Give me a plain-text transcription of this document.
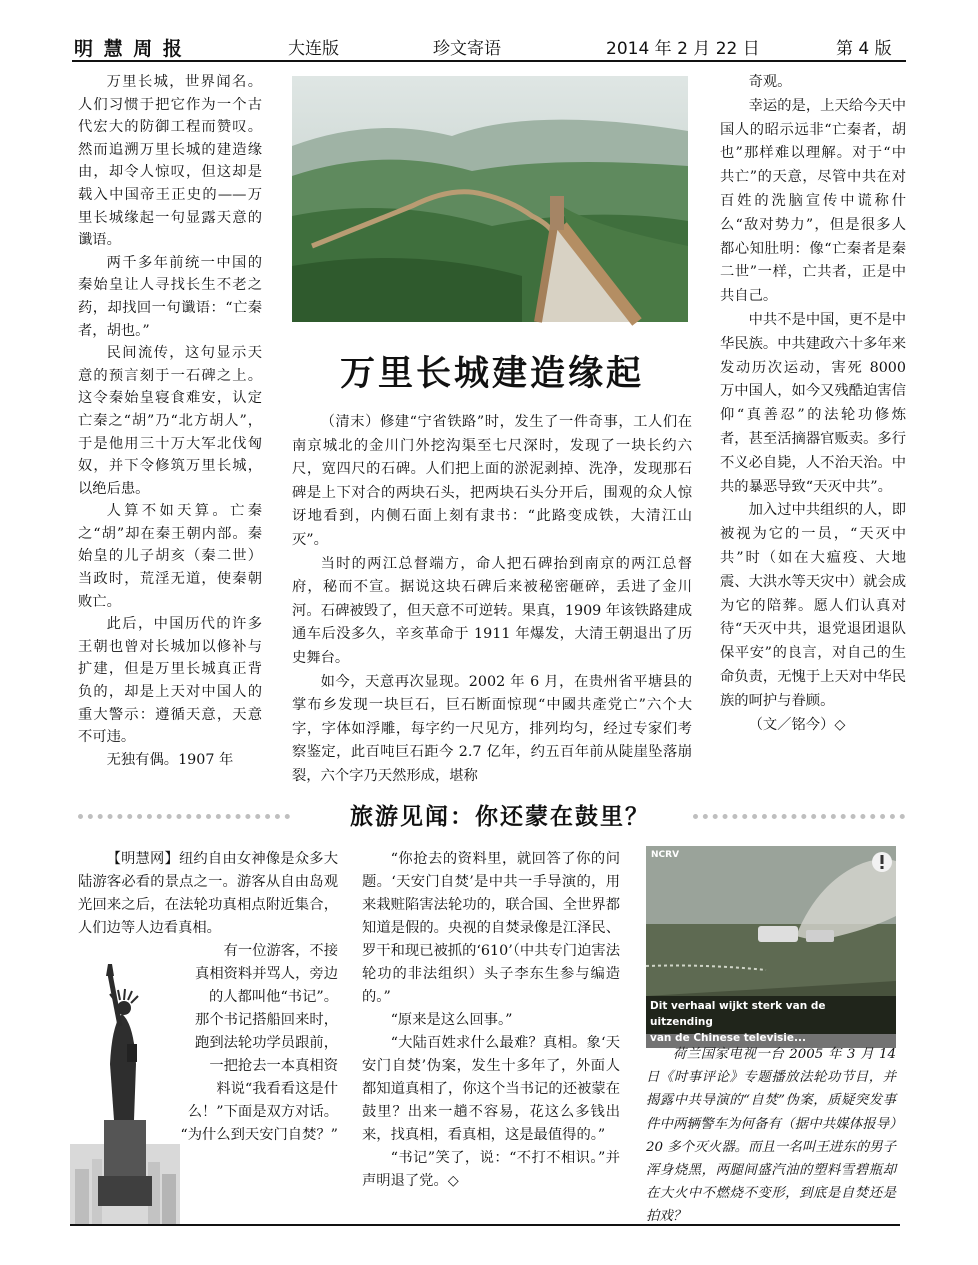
明 慧 周 报	大连版	珍文寄语	2014 年 2 月 22 日	第 4 版

万里长城，世界闻名。人们习惯于把它作为一个古代宏大的防御工程而赞叹。然而追溯万里长城的建造缘由，却令人惊叹，但这却是载入中国帝王正史的——万里长城缘起一句显露天意的谶语。

两千多年前统一中国的秦始皇让人寻找长生不老之药，却找回一句谶语：“亡秦者，胡也。”

民间流传，这句显示天意的预言刻于一石碑之上。这令秦始皇寝食难安，认定亡秦之“胡”乃“北方胡人”，于是他用三十万大军北伐匈奴，并下令修筑万里长城，以绝后患。

人算不如天算。亡秦之“胡”却在秦王朝内部。秦始皇的儿子胡亥（秦二世）当政时，荒淫无道，使秦朝败亡。

此后，中国历代的许多王朝也曾对长城加以修补与扩建，但是万里长城真正背负的，却是上天对中国人的重大警示：遵循天意，天意不可违。

无独有偶。1907 年

万里长城建造缘起

（清末）修建“宁省铁路”时，发生了一件奇事，工人们在南京城北的金川门外挖沟渠至七尺深时，发现了一块长约六尺，宽四尺的石碑。人们把上面的淤泥剥掉、洗净，发现那石碑是上下对合的两块石头，把两块石头分开后，围观的众人惊讶地看到，内侧石面上刻有隶书：“此路变成铁，大清江山灭”。

当时的两江总督端方，命人把石碑抬到南京的两江总督府，秘而不宣。据说这块石碑后来被秘密砸碎，丢进了金川河。石碑被毁了，但天意不可逆转。果真，1909 年该铁路建成通车后没多久，辛亥革命于 1911 年爆发，大清王朝退出了历史舞台。

如今，天意再次显现。2002 年 6 月，在贵州省平塘县的掌布乡发现一块巨石，巨石断面惊现“中國共產党亡”六个大字，字体如浮雕，每字约一尺见方，排列均匀，经过专家们考察鉴定，此百吨巨石距今 2.7 亿年，约五百年前从陡崖坠落崩裂，六个字乃天然形成，堪称

奇观。

幸运的是，上天给今天中国人的昭示远非“亡秦者，胡也”那样难以理解。对于“中共亡”的天意，尽管中共在对百姓的洗脑宣传中谎称什么“敌对势力”，但是很多人都心知肚明：像“亡秦者是秦二世”一样，亡共者，正是中共自己。

中共不是中国，更不是中华民族。中共建政六十多年来发动历次运动，害死 8000 万中国人，如今又残酷迫害信仰“真善忍”的法轮功修炼者，甚至活摘器官贩卖。多行不义必自毙，人不治天治。中共的暴恶导致“天灭中共”。

加入过中共组织的人，即被视为它的一员，“天灭中共”时（如在大瘟疫、大地震、大洪水等天灾中）就会成为它的陪葬。愿人们认真对待“天灭中共，退党退团退队保平安”的良言，对自己的生命负责，无愧于上天对中华民族的呵护与眷顾。

（文／铭今）◇

旅游见闻：你还蒙在鼓里？

【明慧网】纽约自由女神像是众多大陆游客必看的景点之一。游客从自由岛观光回来之后，在法轮功真相点附近集合，人们边等人边看真相。

有一位游客，不接
真相资料并骂人，旁边
的人都叫他“书记”。
那个书记搭船回来时，
跑到法轮功学员跟前，
一把抢去一本真相资
料说“我看看这是什
么！”下面是双方对话。
“为什么到天安门自焚？”

“你抢去的资料里，就回答了你的问题。‘天安门自焚’是中共一手导演的，用来栽赃陷害法轮功的，联合国、全世界都知道是假的。央视的自焚录像是江泽民、罗干和现已被抓的‘610’（中共专门迫害法轮功的非法组织）头子李东生参与编造的。”

“原来是这么回事。”

“大陆百姓求什么最难？真相。象‘天安门自焚’伪案，发生十多年了，外面人都知道真相了，你这个当书记的还被蒙在鼓里？出来一趟不容易，花这么多钱出来，找真相，看真相，这是最值得的。”

“书记”笑了，说：“不打不相识。”并声明退了党。◇

NCRV
Dit verhaal wijkt sterk van de uitzending
van de Chinese televisie...

荷兰国家电视一台 2005 年 3 月 14 日《时事评论》专题播放法轮功节目，并揭露中共导演的“自焚”伪案，质疑突发事件中两辆警车为何备有（据中共媒体报导）20 多个灭火器。而且一名叫王进东的男子浑身烧黑，两腿间盛汽油的塑料雪碧瓶却在大火中不燃烧不变形，到底是自焚还是拍戏？
